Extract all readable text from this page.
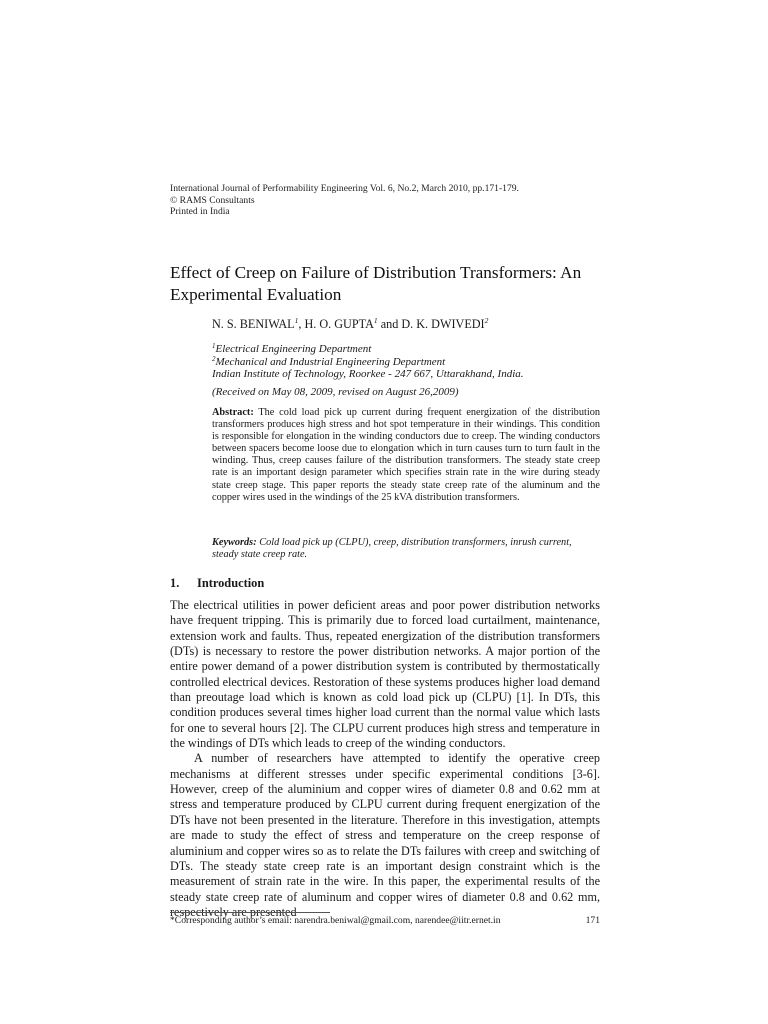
International Journal of Performability Engineering Vol. 6, No.2, March 2010, pp.171-179.
© RAMS Consultants
Printed in India
Effect of Creep on Failure of Distribution Transformers: An Experimental Evaluation
N. S. BENIWAL$^1$, H. O. GUPTA$^1$ and D. K. DWIVEDI$^2$
$^1$Electrical Engineering Department
$^2$Mechanical and Industrial Engineering Department
Indian Institute of Technology, Roorkee - 247 667, Uttarakhand, India.
(Received on May 08, 2009, revised on August 26,2009)

Abstract: The cold load pick up current during frequent energization of the distribution transformers produces high stress and hot spot temperature in their windings. This condition is responsible for elongation in the winding conductors due to creep. The winding conductors between spacers become loose due to elongation which in turn causes turn to turn fault in the winding. Thus, creep causes failure of the distribution transformers. The steady state creep rate is an important design parameter which specifies strain rate in the wire during steady state creep stage. This paper reports the steady state creep rate of the aluminum and the copper wires used in the windings of the 25 kVA distribution transformers.

Keywords: Cold load pick up (CLPU), creep, distribution transformers, inrush current, steady state creep rate.

1. Introduction

The electrical utilities in power deficient areas and poor power distribution networks have frequent tripping. This is primarily due to forced load curtailment, maintenance, extension work and faults. Thus, repeated energization of the distribution transformers (DTs) is necessary to restore the power distribution networks. A major portion of the entire power demand of a power distribution system is contributed by thermostatically controlled electrical devices. Restoration of these systems produces higher load demand than preoutage load which is known as cold load pick up (CLPU) [1]. In DTs, this condition produces several times higher load current than the normal value which lasts for one to several hours [2]. The CLPU current produces high stress and temperature in the windings of DTs which leads to creep of the winding conductors.

A number of researchers have attempted to identify the operative creep mechanisms at different stresses under specific experimental conditions [3-6]. However, creep of the aluminium and copper wires of diameter 0.8 and 0.62 mm at stress and temperature produced by CLPU current during frequent energization of the DTs have not been presented in the literature. Therefore in this investigation, attempts are made to study the effect of stress and temperature on the creep response of aluminium and copper wires so as to relate the DTs failures with creep and switching of DTs. The steady state creep rate is an important design constraint which is the measurement of strain rate in the wire. In this paper, the experimental results of the steady state creep rate of aluminum and copper wires of diameter 0.8 and 0.62 mm, respectively are presented

*Corresponding author’s email: narendra.beniwal@gmail.com, narendee@iitr.ernet.in	171
